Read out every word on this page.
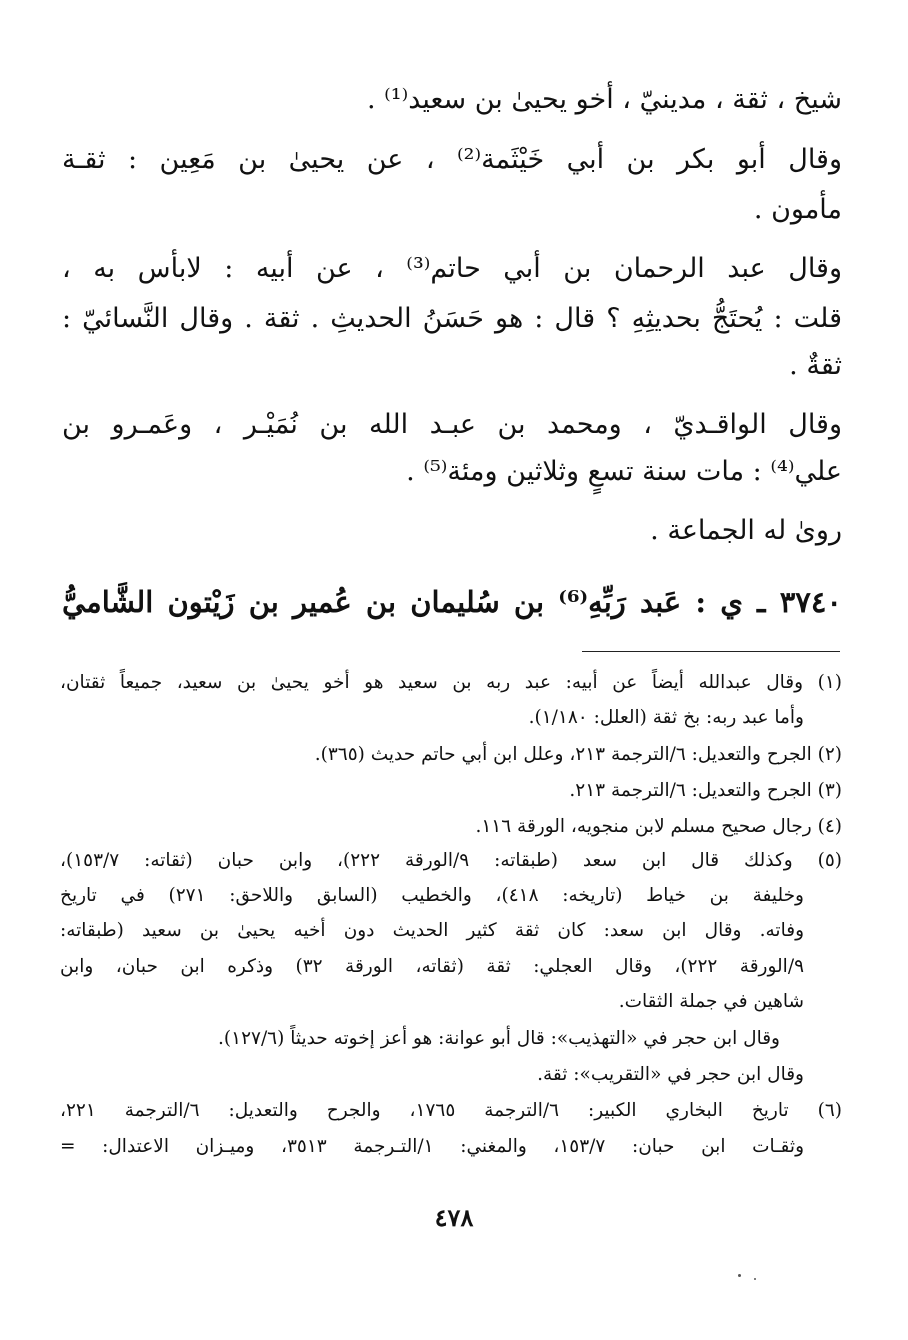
شيخ ، ثقة ، مدينيّ ، أخو يحيىٰ بن سعيد⁽¹⁾ .
وقال أبو بكر بن أبي خَيْثَمة⁽²⁾ ، عن يحيىٰ بن مَعِين : ثقـة
مأمون .
وقال عبد الرحمان بن أبي حاتم⁽³⁾ ، عن أبيه : لابأس به ،
قلت : يُحتَجُّ بحديثِهِ ؟ قال : هو حَسَنُ الحديثِ . ثقة . وقال النَّسائيّ :
ثقةٌ .
وقال الواقـديّ ، ومحمد بن عبـد الله بن نُمَيْـر ، وعَمـرو بن
علي⁽⁴⁾ : مات سنة تسعٍ وثلاثين ومئة⁽⁵⁾ .
روىٰ له الجماعة .
٣٧٤٠ ـ ي : عَبد رَبِّهِ⁽⁶⁾ بن سُليمان بن عُمير بن زَيْتون الشَّاميُّ
(١) وقال عبدالله أيضاً عن أبيه: عبد ربه بن سعيد هو أخو يحيىٰ بن سعيد، جميعاً ثقتان،
وأما عبد ربه: بخ ثقة (العلل: ١/١٨٠).
(٢) الجرح والتعديل: ٦/الترجمة ٢١٣، وعلل ابن أبي حاتم حديث (٣٦٥).
(٣) الجرح والتعديل: ٦/الترجمة ٢١٣.
(٤) رجال صحيح مسلم لابن منجويه، الورقة ١١٦.
(٥) وكذلك قال ابن سعد (طبقاته: ٩/الورقة ٢٢٢)، وابن حبان (ثقاته: ١٥٣/٧)،
وخليفة بن خياط (تاريخه: ٤١٨)، والخطيب (السابق واللاحق: ٢٧١) في تاريخ
وفاته. وقال ابن سعد: كان ثقة كثير الحديث دون أخيه يحيىٰ بن سعيد (طبقاته:
٩/الورقة ٢٢٢)، وقال العجلي: ثقة (ثقاته، الورقة ٣٢) وذكره ابن حبان، وابن
شاهين في جملة الثقات.
وقال ابن حجر في «التهذيب»: قال أبو عوانة: هو أعز إخوته حديثاً (١٢٧/٦).
وقال ابن حجر في «التقريب»: ثقة.
(٦) تاريخ البخاري الكبير: ٦/الترجمة ١٧٦٥، والجرح والتعديل: ٦/الترجمة ٢٢١،
وثقـات ابن حبان: ١٥٣/٧، والمغني: ١/التـرجمة ٣٥١٣، وميـزان الاعتدال: =
٤٧٨
